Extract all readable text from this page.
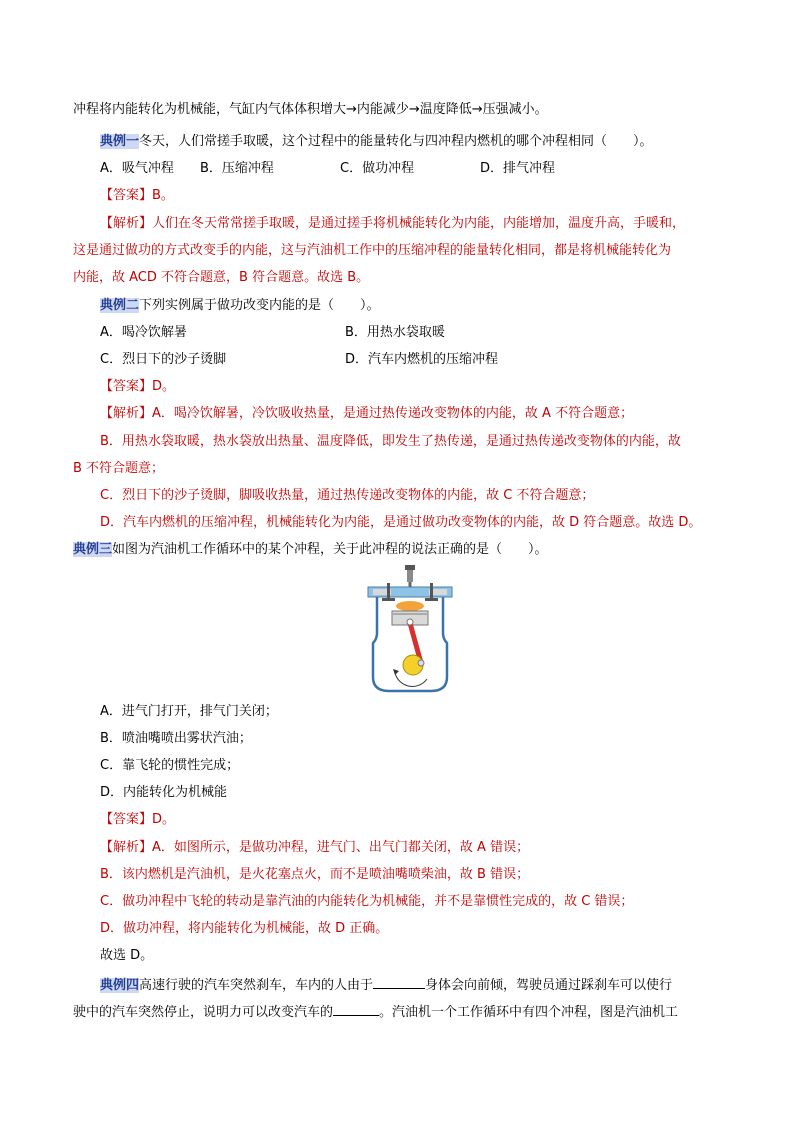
冲程将内能转化为机械能，气缸内气体体积增大→内能减少→温度降低→压强减小。
典例一冬天，人们常搓手取暖，这个过程中的能量转化与四冲程内燃机的哪个冲程相同（　　）。
A．吸气冲程 B．压缩冲程	C．做功冲程	D．排气冲程
【答案】B。
【解析】人们在冬天常常搓手取暖，是通过搓手将机械能转化为内能，内能增加，温度升高，手暖和，
这是通过做功的方式改变手的内能，这与汽油机工作中的压缩冲程的能量转化相同，都是将机械能转化为
内能，故 ACD 不符合题意，B 符合题意。故选 B。
典例二下列实例属于做功改变内能的是（　　）。
A．喝冷饮解暑	B．用热水袋取暖
C．烈日下的沙子烫脚	D．汽车内燃机的压缩冲程
【答案】D。
【解析】A．喝冷饮解暑，冷饮吸收热量，是通过热传递改变物体的内能，故 A 不符合题意；
B．用热水袋取暖，热水袋放出热量、温度降低，即发生了热传递，是通过热传递改变物体的内能，故
B 不符合题意；
C．烈日下的沙子烫脚，脚吸收热量，通过热传递改变物体的内能，故 C 不符合题意；
D．汽车内燃机的压缩冲程，机械能转化为内能，是通过做功改变物体的内能，故 D 符合题意。故选 D。
典例三如图为汽油机工作循环中的某个冲程，关于此冲程的说法正确的是（　　）。
A．进气门打开，排气门关闭；
B．喷油嘴喷出雾状汽油；
C．靠飞轮的惯性完成；
D．内能转化为机械能
【答案】D。
【解析】A．如图所示，是做功冲程，进气门、出气门都关闭，故 A 错误；
B．该内燃机是汽油机，是火花塞点火，而不是喷油嘴喷柴油，故 B 错误；
C．做功冲程中飞轮的转动是靠汽油的内能转化为机械能，并不是靠惯性完成的，故 C 错误；
D．做功冲程，将内能转化为机械能，故 D 正确。
故选 D。
典例四高速行驶的汽车突然刹车，车内的人由于	身体会向前倾，驾驶员通过踩刹车可以使行
驶中的汽车突然停止，说明力可以改变汽车的	。汽油机一个工作循环中有四个冲程，图是汽油机工
